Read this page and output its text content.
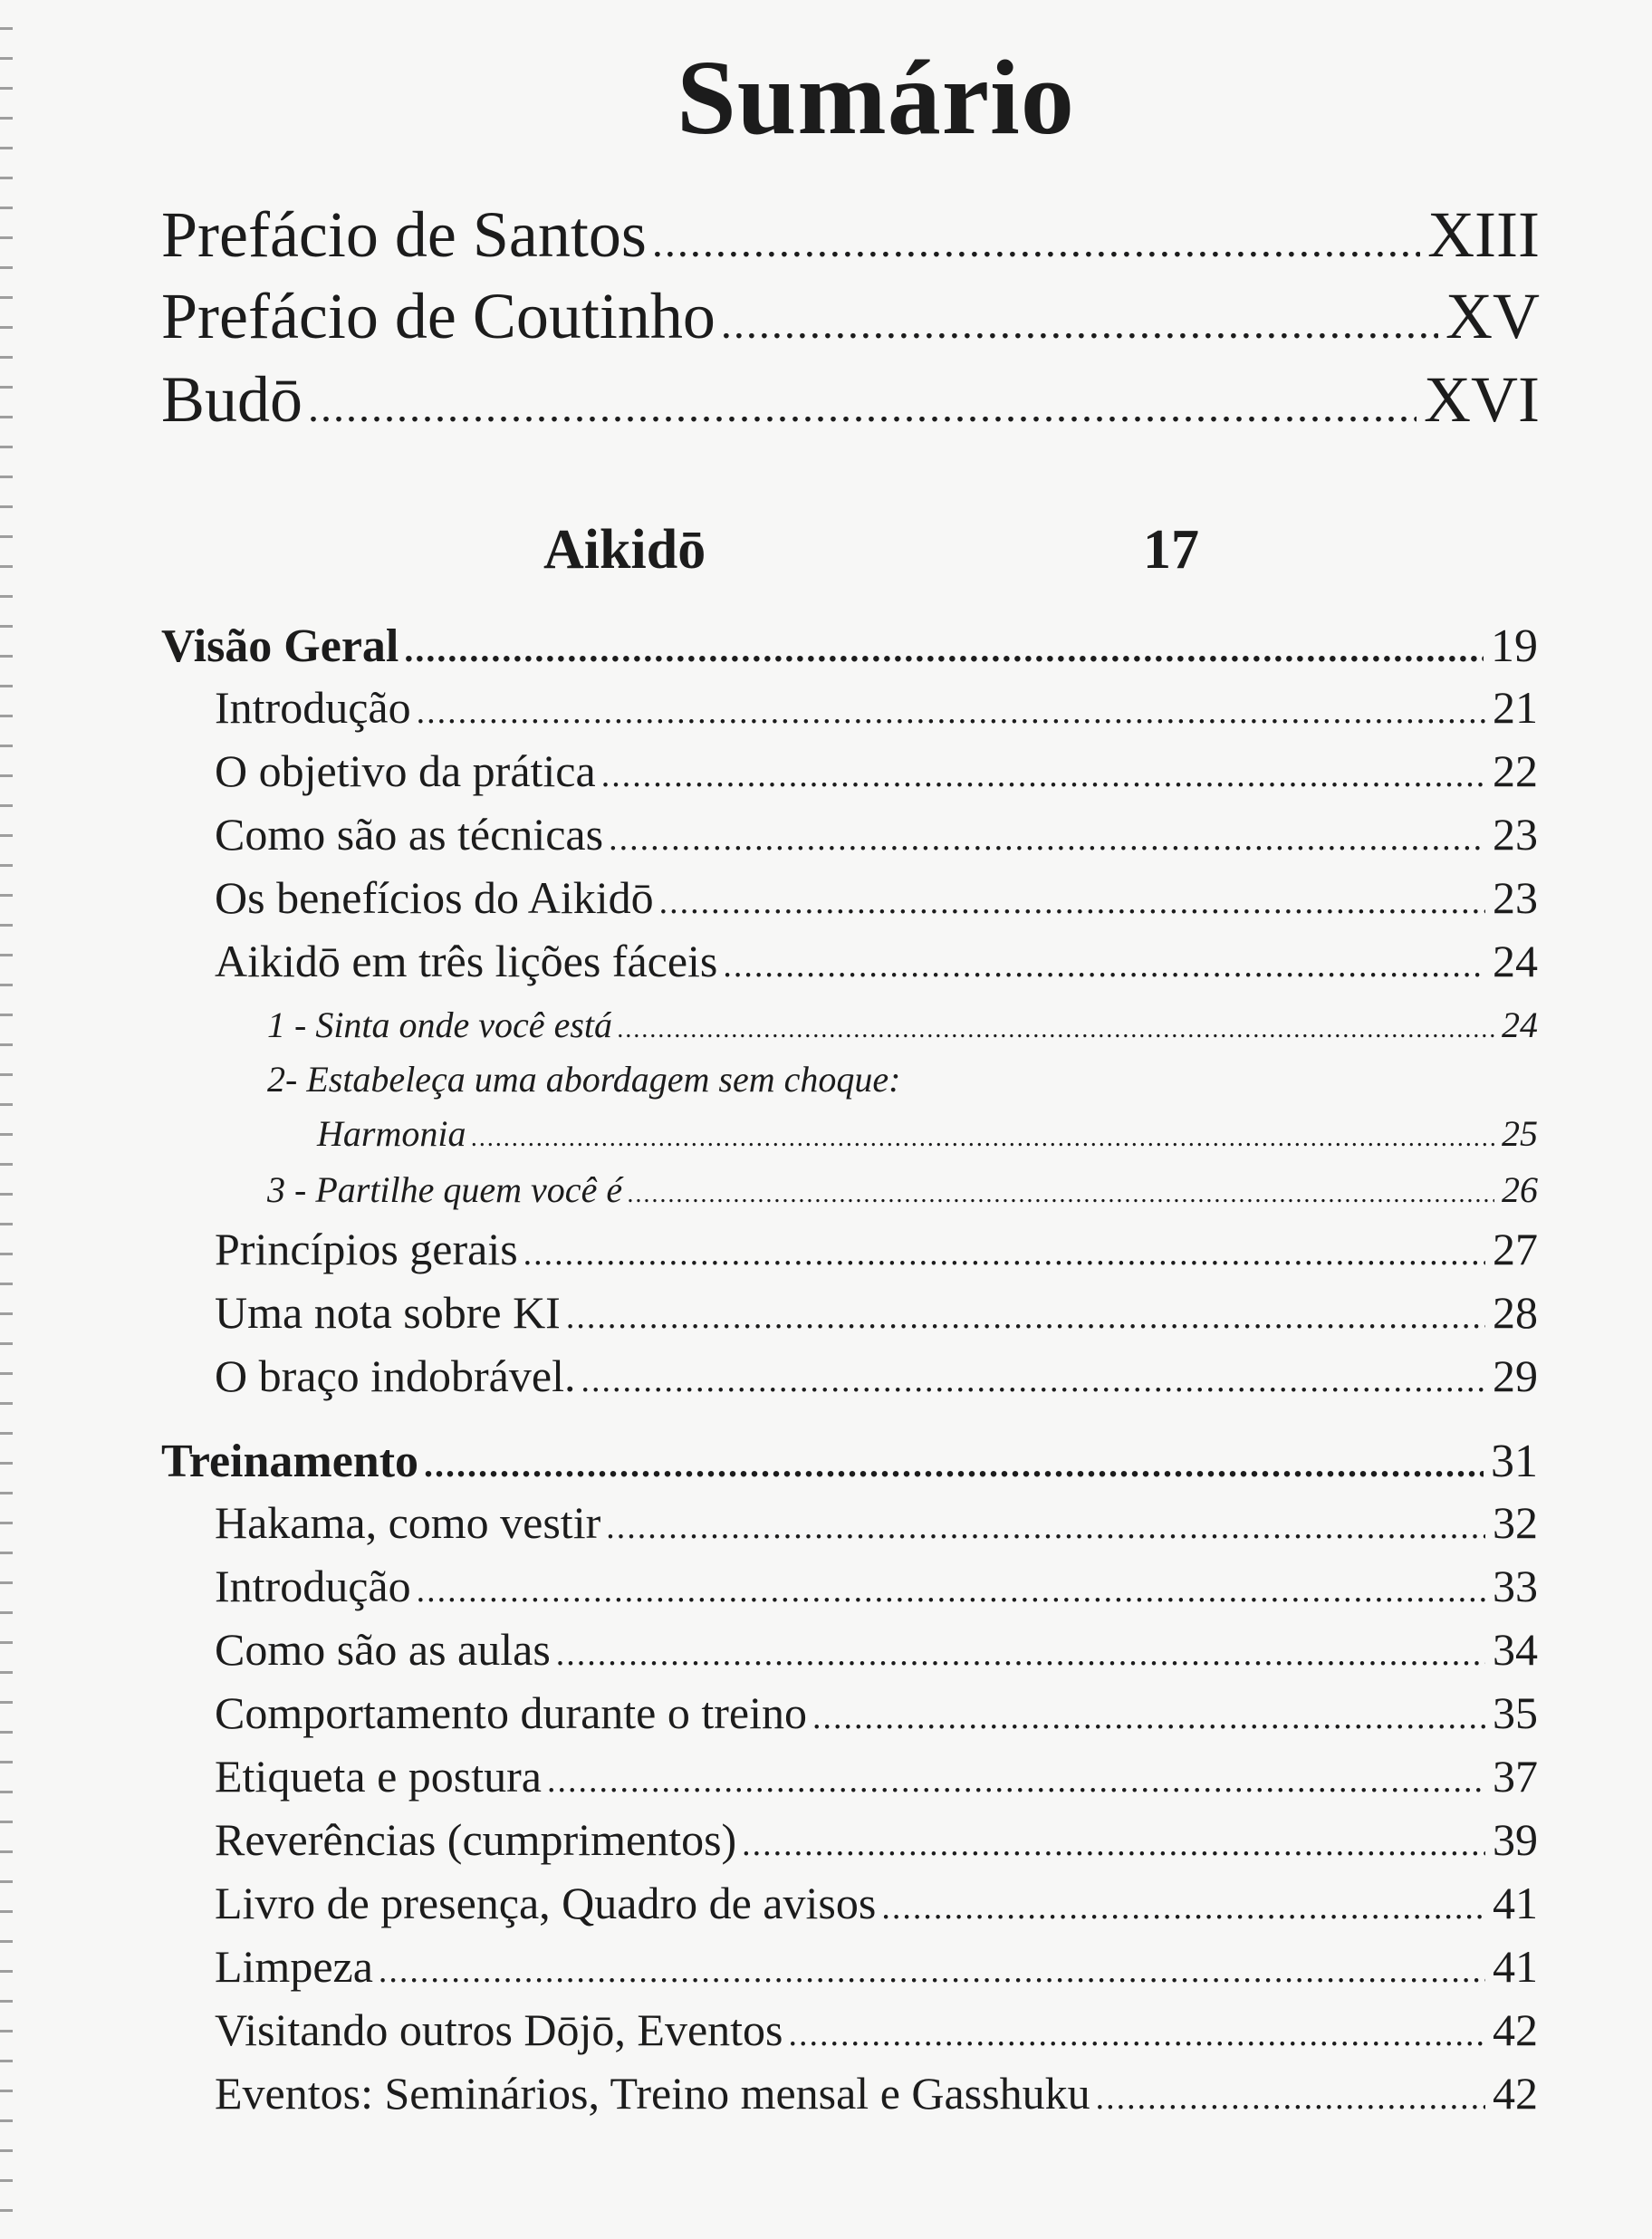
Sumário
Prefácio de Santos .....	XIII
Prefácio de Coutinho .....	XV
Budō .....	XVI
Aikidō	17
Visão Geral .....	19
Introdução .....	21
O objetivo da prática .....	22
Como são as técnicas .....	23
Os benefícios do Aikidō .....	23
Aikidō em três lições fáceis .....	24
1 - Sinta onde você está .....	24
2- Estabeleça uma abordagem sem choque:
Harmonia .....	25
3 - Partilhe quem você é .....	26
Princípios gerais .....	27
Uma nota sobre KI .....	28
O braço indobrável. .....	29
Treinamento .....	31
Hakama, como vestir .....	32
Introdução .....	33
Como são as aulas .....	34
Comportamento durante o treino .....	35
Etiqueta e postura .....	37
Reverências (cumprimentos) .....	39
Livro de presença, Quadro de avisos .....	41
Limpeza .....	41
Visitando outros Dōjō, Eventos .....	42
Eventos: Seminários, Treino mensal e Gasshuku .....	42
